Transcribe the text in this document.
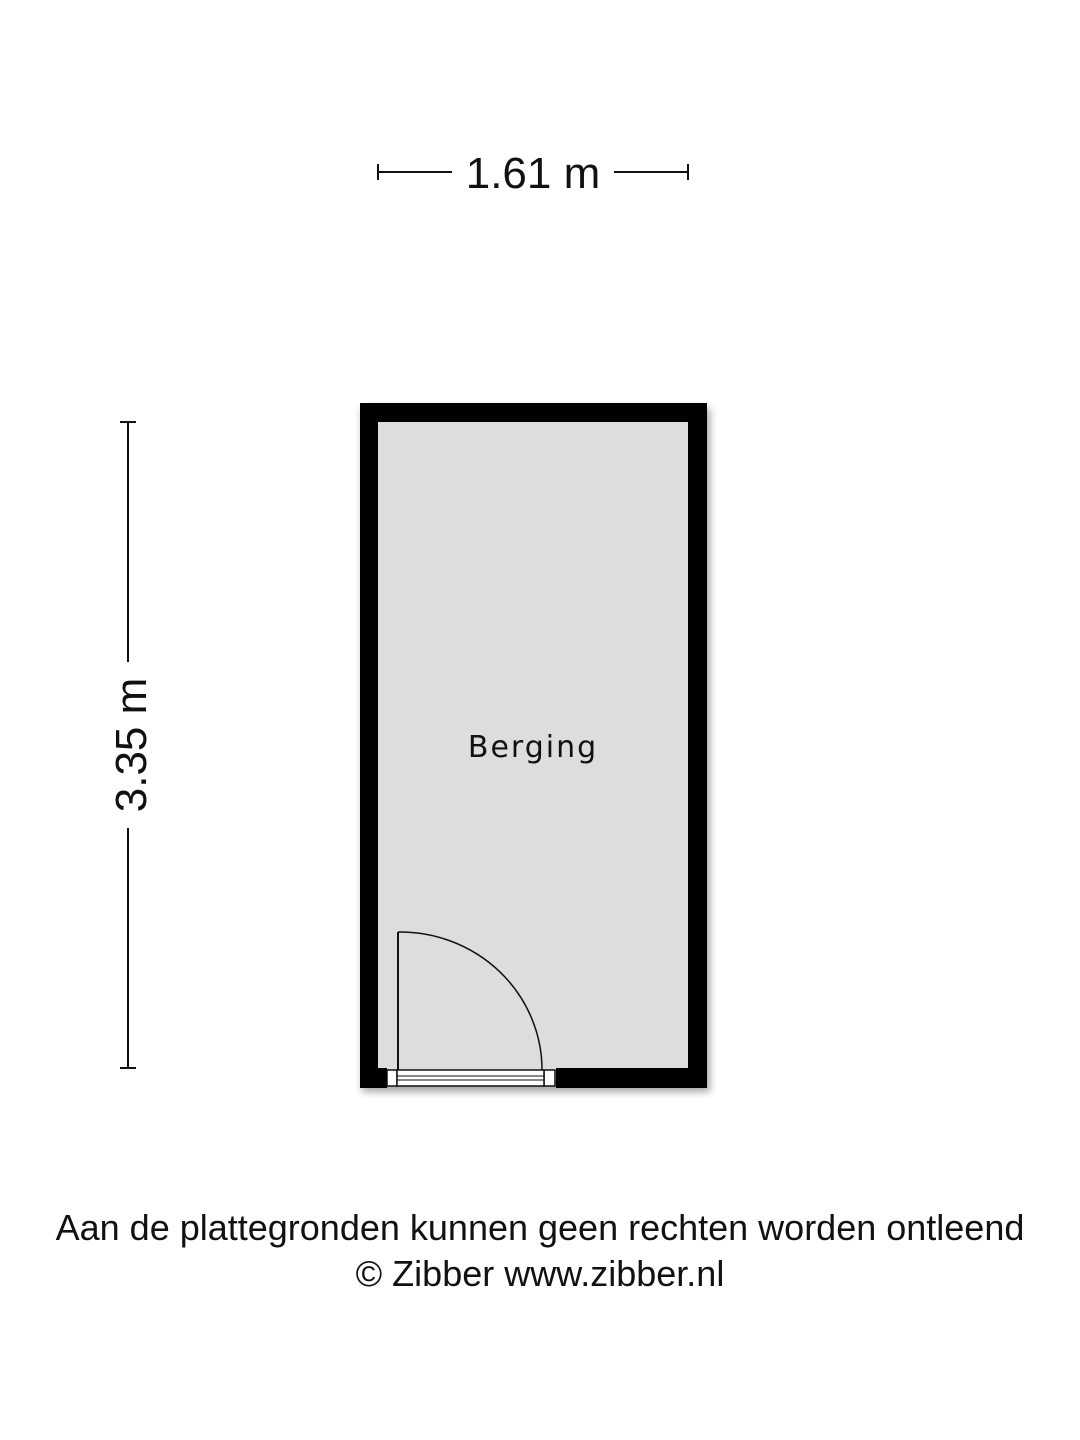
1.61 m
3.35 m	Berging
Aan de plattegronden kunnen geen rechten worden ontleend
© Zibber www.zibber.nl
